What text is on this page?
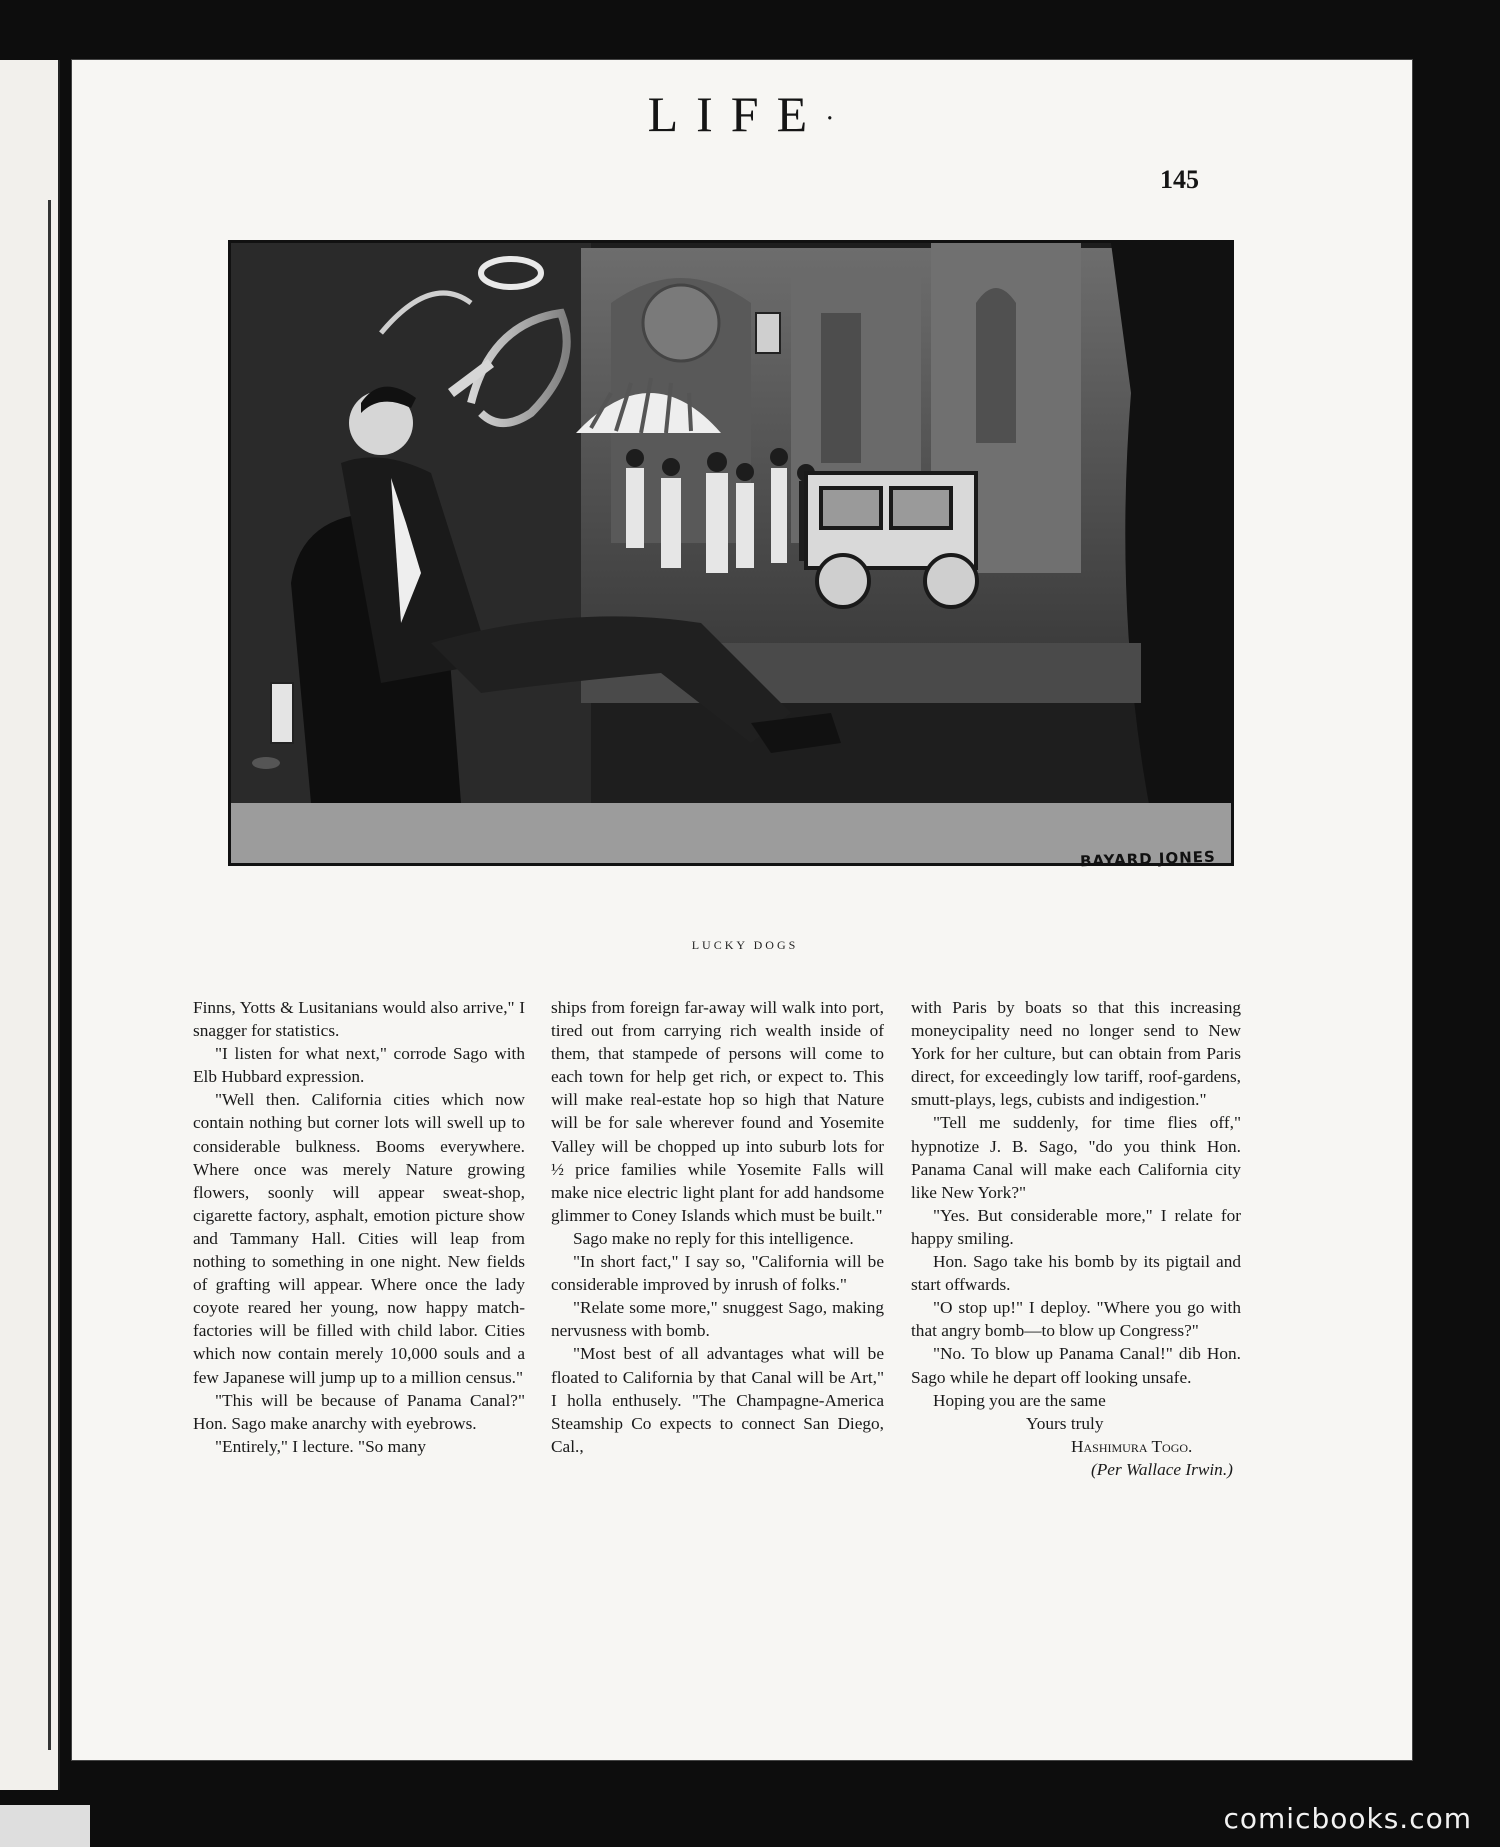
LIFE·
145
BAYARD JONES
LUCKY DOGS

Finns, Yotts & Lusitanians would also arrive," I snagger for statistics.

"I listen for what next," corrode Sago with Elb Hubbard expression.

"Well then. California cities which now contain nothing but corner lots will swell up to considerable bulkness. Booms everywhere. Where once was merely Nature growing flowers, soonly will appear sweat-shop, cigarette factory, asphalt, emotion picture show and Tammany Hall. Cities will leap from nothing to something in one night. New fields of grafting will appear. Where once the lady coyote reared her young, now happy match-factories will be filled with child labor. Cities which now contain merely 10,000 souls and a few Japanese will jump up to a million census."

"This will be because of Panama Canal?" Hon. Sago make anarchy with eyebrows.

"Entirely," I lecture. "So many

ships from foreign far-away will walk into port, tired out from carrying rich wealth inside of them, that stampede of persons will come to each town for help get rich, or expect to. This will make real-estate hop so high that Nature will be for sale wherever found and Yosemite Valley will be chopped up into suburb lots for ½ price families while Yosemite Falls will make nice electric light plant for add handsome glimmer to Coney Islands which must be built."

Sago make no reply for this intelligence.

"In short fact," I say so, "California will be considerable improved by inrush of folks."

"Relate some more," snuggest Sago, making nervusness with bomb.

"Most best of all advantages what will be floated to California by that Canal will be Art," I holla enthusely. "The Champagne-America Steamship Co expects to connect San Diego, Cal.,

with Paris by boats so that this increasing moneycipality need no longer send to New York for her culture, but can obtain from Paris direct, for exceedingly low tariff, roof-gardens, smutt-plays, legs, cubists and indigestion."

"Tell me suddenly, for time flies off," hypnotize J. B. Sago, "do you think Hon. Panama Canal will make each California city like New York?"

"Yes. But considerable more," I relate for happy smiling.

Hon. Sago take his bomb by its pigtail and start offwards.

"O stop up!" I deploy. "Where you go with that angry bomb—to blow up Congress?"

"No. To blow up Panama Canal!" dib Hon. Sago while he depart off looking unsafe.

Hoping you are the same

Yours truly

Hashimura Togo.

(Per Wallace Irwin.)

comicbooks.com
